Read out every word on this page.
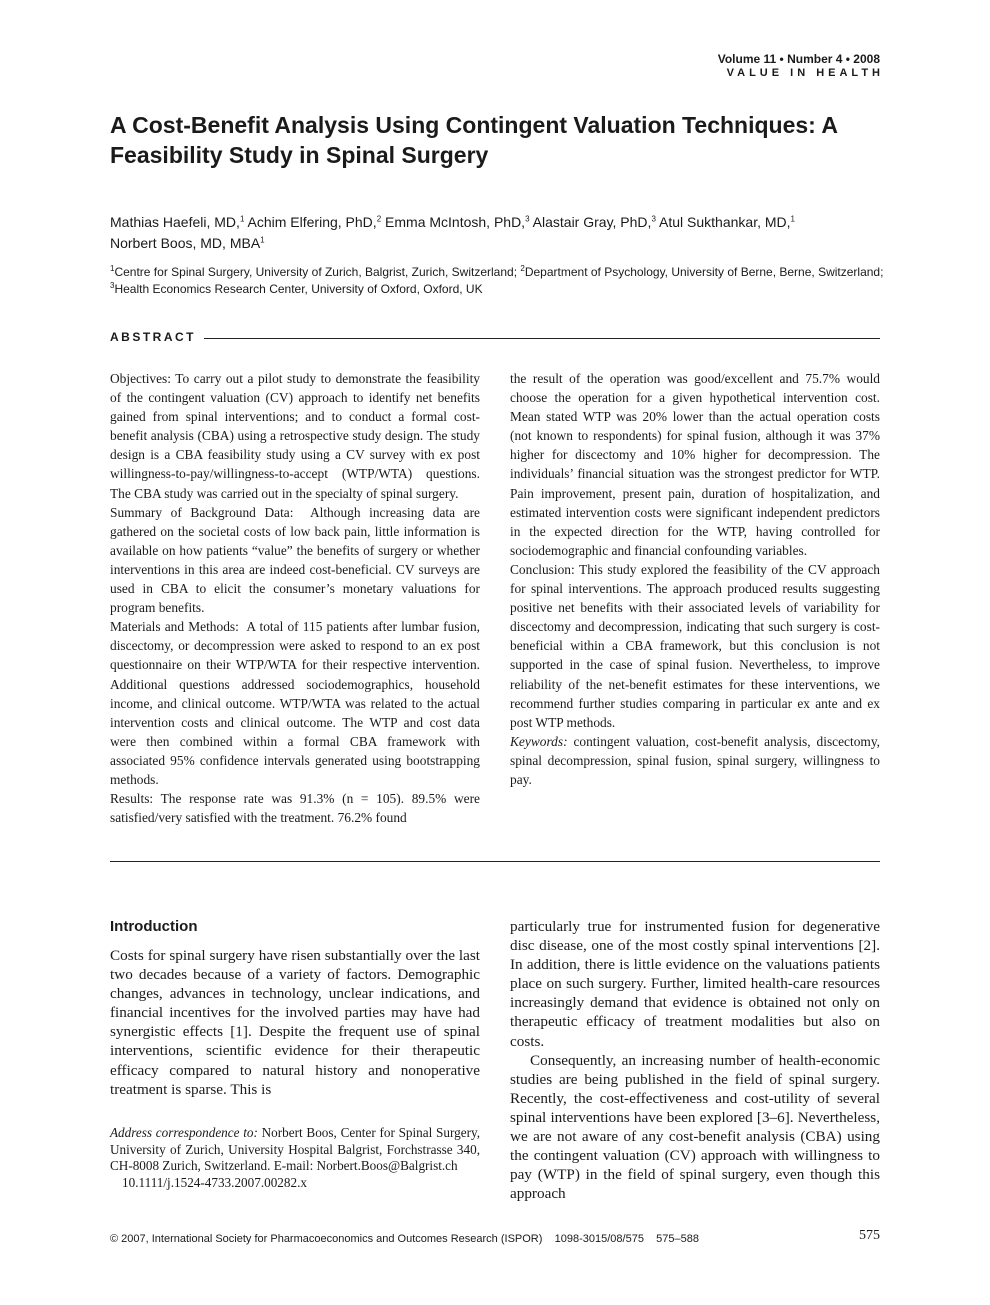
Volume 11 • Number 4 • 2008
VALUE IN HEALTH
A Cost-Benefit Analysis Using Contingent Valuation Techniques: A Feasibility Study in Spinal Surgery
Mathias Haefeli, MD,$^1$ Achim Elfering, PhD,$^2$ Emma McIntosh, PhD,$^3$ Alastair Gray, PhD,$^3$ Atul Sukthankar, MD,$^1$
Norbert Boos, MD, MBA$^1$
$^1$Centre for Spinal Surgery, University of Zurich, Balgrist, Zurich, Switzerland; $^2$Department of Psychology, University of Berne, Berne, Switzerland; $^3$Health Economics Research Center, University of Oxford, Oxford, UK
ABSTRACT

Objectives: To carry out a pilot study to demonstrate the feasibility of the contingent valuation (CV) approach to identify net benefits gained from spinal interventions; and to conduct a formal cost-benefit analysis (CBA) using a retrospective study design. The study design is a CBA feasibility study using a CV survey with ex post willingness-to-pay/willingness-to-accept (WTP/WTA) questions. The CBA study was carried out in the specialty of spinal surgery.

Summary of Background Data: Although increasing data are gathered on the societal costs of low back pain, little information is available on how patients “value” the benefits of surgery or whether interventions in this area are indeed cost-beneficial. CV surveys are used in CBA to elicit the consumer’s monetary valuations for program benefits.

Materials and Methods: A total of 115 patients after lumbar fusion, discectomy, or decompression were asked to respond to an ex post questionnaire on their WTP/WTA for their respective intervention. Additional questions addressed sociodemographics, household income, and clinical outcome. WTP/WTA was related to the actual intervention costs and clinical outcome. The WTP and cost data were then combined within a formal CBA framework with associated 95% confidence intervals generated using bootstrapping methods.

Results: The response rate was 91.3% (n = 105). 89.5% were satisfied/very satisfied with the treatment. 76.2% found

the result of the operation was good/excellent and 75.7% would choose the operation for a given hypothetical intervention cost. Mean stated WTP was 20% lower than the actual operation costs (not known to respondents) for spinal fusion, although it was 37% higher for discectomy and 10% higher for decompression. The individuals’ financial situation was the strongest predictor for WTP. Pain improvement, present pain, duration of hospitalization, and estimated intervention costs were significant independent predictors in the expected direction for the WTP, having controlled for sociodemographic and financial confounding variables.

Conclusion: This study explored the feasibility of the CV approach for spinal interventions. The approach produced results suggesting positive net benefits with their associated levels of variability for discectomy and decompression, indicating that such surgery is cost-beneficial within a CBA framework, but this conclusion is not supported in the case of spinal fusion. Nevertheless, to improve reliability of the net-benefit estimates for these interventions, we recommend further studies comparing in particular ex ante and ex post WTP methods.

Keywords: contingent valuation, cost-benefit analysis, discectomy, spinal decompression, spinal fusion, spinal surgery, willingness to pay.

Introduction

Costs for spinal surgery have risen substantially over the last two decades because of a variety of factors. Demographic changes, advances in technology, unclear indications, and financial incentives for the involved parties may have had synergistic effects [1]. Despite the frequent use of spinal interventions, scientific evidence for their therapeutic efficacy compared to natural history and nonoperative treatment is sparse. This is

particularly true for instrumented fusion for degenerative disc disease, one of the most costly spinal interventions [2]. In addition, there is little evidence on the valuations patients place on such surgery. Further, limited health-care resources increasingly demand that evidence is obtained not only on therapeutic efficacy of treatment modalities but also on costs.

Consequently, an increasing number of health-economic studies are being published in the field of spinal surgery. Recently, the cost-effectiveness and cost-utility of several spinal interventions have been explored [3–6]. Nevertheless, we are not aware of any cost-benefit analysis (CBA) using the contingent valuation (CV) approach with willingness to pay (WTP) in the field of spinal surgery, even though this approach

Address correspondence to: Norbert Boos, Center for Spinal Surgery, University of Zurich, University Hospital Balgrist, Forchstrasse 340, CH-8008 Zurich, Switzerland. E-mail: Norbert.Boos@Balgrist.ch

10.1111/j.1524-4733.2007.00282.x

© 2007, International Society for Pharmacoeconomics and Outcomes Research (ISPOR)    1098-3015/08/575    575–588	575
